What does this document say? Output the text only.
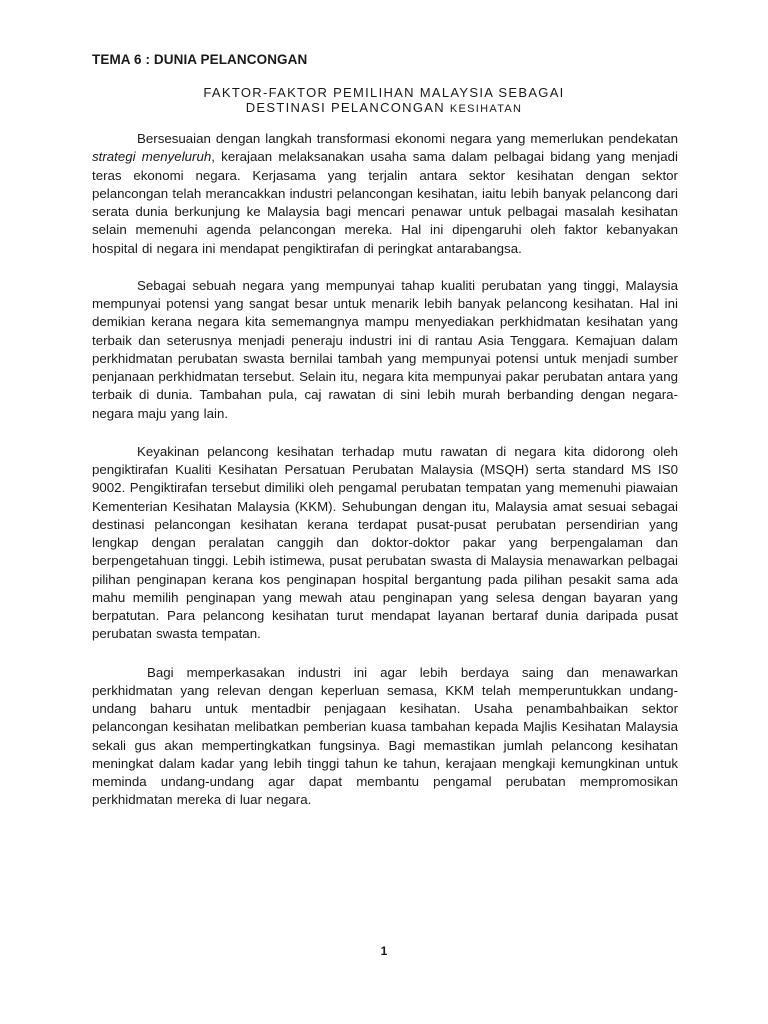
TEMA 6 : DUNIA PELANCONGAN
FAKTOR-FAKTOR PEMILIHAN MALAYSIA SEBAGAI
DESTINASI PELANCONGAN KESIHATAN

Bersesuaian dengan langkah transformasi ekonomi negara yang memerlukan pendekatan strategi menyeluruh, kerajaan melaksanakan usaha sama dalam pelbagai bidang yang menjadi teras ekonomi negara. Kerjasama yang terjalin antara sektor kesihatan dengan sektor pelancongan telah merancakkan industri pelancongan kesihatan, iaitu lebih banyak pelancong dari serata dunia berkunjung ke Malaysia bagi mencari penawar untuk pelbagai masalah kesihatan selain memenuhi agenda pelancongan mereka. Hal ini dipengaruhi oleh faktor kebanyakan hospital di negara ini mendapat pengiktirafan di peringkat antarabangsa.

Sebagai sebuah negara yang mempunyai tahap kualiti perubatan yang tinggi, Malaysia mempunyai potensi yang sangat besar untuk menarik lebih banyak pelancong kesihatan. Hal ini demikian kerana negara kita sememangnya mampu menyediakan perkhidmatan kesihatan yang terbaik dan seterusnya menjadi peneraju industri ini di rantau Asia Tenggara. Kemajuan dalam perkhidmatan perubatan swasta bernilai tambah yang mempunyai potensi untuk menjadi sumber penjanaan perkhidmatan tersebut. Selain itu, negara kita mempunyai pakar perubatan antara yang terbaik di dunia. Tambahan pula, caj rawatan di sini lebih murah berbanding dengan negara-negara maju yang lain.

Keyakinan pelancong kesihatan terhadap mutu rawatan di negara kita didorong oleh pengiktirafan Kualiti Kesihatan Persatuan Perubatan Malaysia (MSQH) serta standard MS IS0 9002. Pengiktirafan tersebut dimiliki oleh pengamal perubatan tempatan yang memenuhi piawaian Kementerian Kesihatan Malaysia (KKM). Sehubungan dengan itu, Malaysia amat sesuai sebagai destinasi pelancongan kesihatan kerana terdapat pusat-pusat perubatan persendirian yang lengkap dengan peralatan canggih dan doktor-doktor pakar yang berpengalaman dan berpengetahuan tinggi. Lebih istimewa, pusat perubatan swasta di Malaysia menawarkan pelbagai pilihan penginapan kerana kos penginapan hospital bergantung pada pilihan pesakit sama ada mahu memilih penginapan yang mewah atau penginapan yang selesa dengan bayaran yang berpatutan. Para pelancong kesihatan turut mendapat layanan bertaraf dunia daripada pusat perubatan swasta tempatan.

Bagi memperkasakan industri ini agar lebih berdaya saing dan menawarkan perkhidmatan yang relevan dengan keperluan semasa, KKM telah memperuntukkan undang-undang baharu untuk mentadbir penjagaan kesihatan. Usaha penambahbaikan sektor pelancongan kesihatan melibatkan pemberian kuasa tambahan kepada Majlis Kesihatan Malaysia sekali gus akan mempertingkatkan fungsinya. Bagi memastikan jumlah pelancong kesihatan meningkat dalam kadar yang lebih tinggi tahun ke tahun, kerajaan mengkaji kemungkinan untuk meminda undang-undang agar dapat membantu pengamal perubatan mempromosikan perkhidmatan mereka di luar negara.

1
